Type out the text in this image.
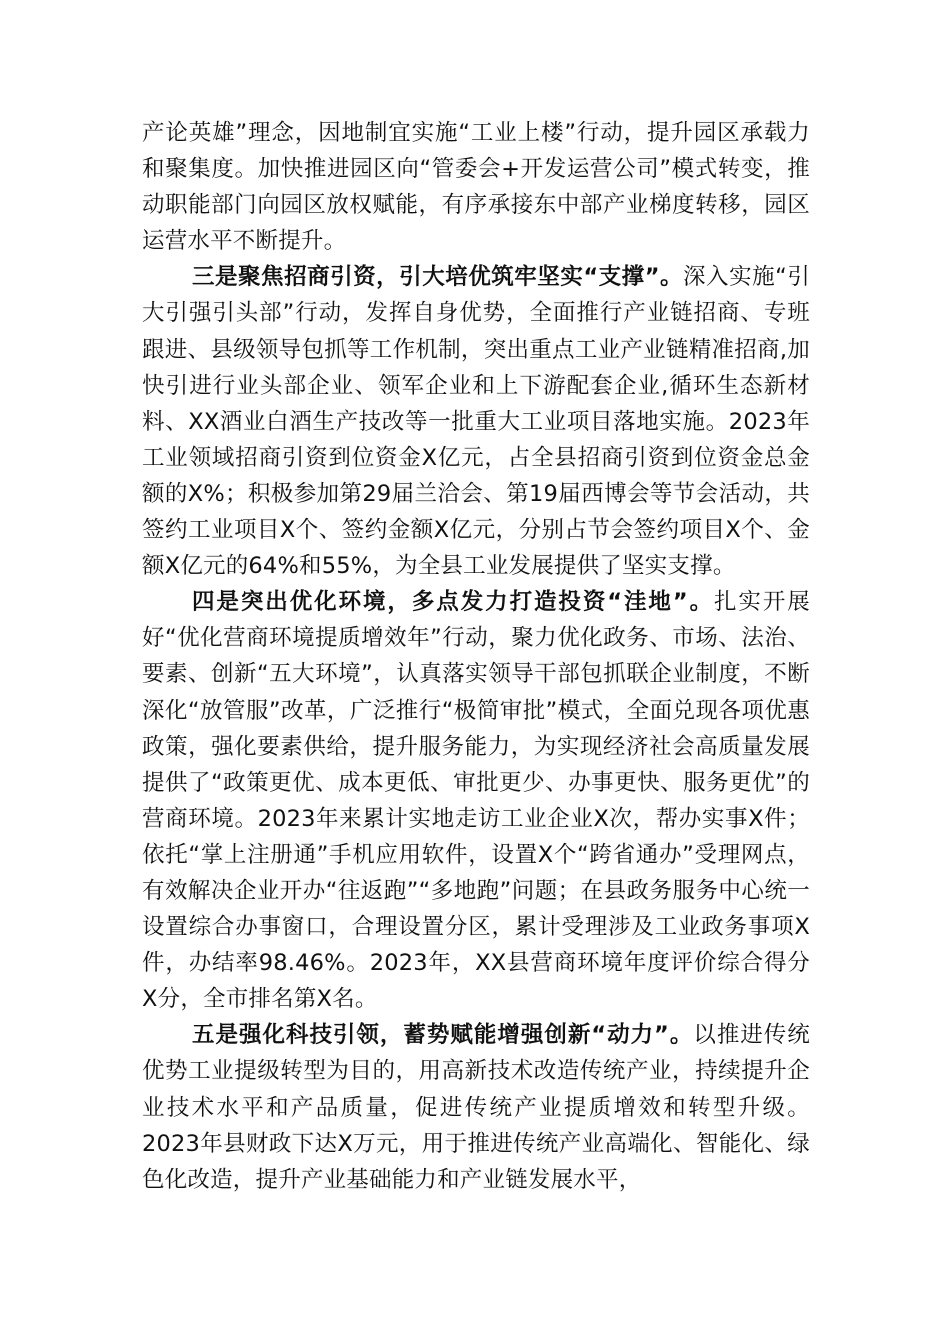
产论英雄”理念，因地制宜实施“工业上楼”行动，提升园区承载力和聚集度。加快推进园区向“管委会+开发运营公司”模式转变，推动职能部门向园区放权赋能，有序承接东中部产业梯度转移，园区运营水平不断提升。

三是聚焦招商引资，引大培优筑牢坚实“支撑”。深入实施“引大引强引头部”行动，发挥自身优势，全面推行产业链招商、专班跟进、县级领导包抓等工作机制，突出重点工业产业链精准招商,加快引进行业头部企业、领军企业和上下游配套企业,循环生态新材料、XX酒业白酒生产技改等一批重大工业项目落地实施。2023年工业领域招商引资到位资金X亿元，占全县招商引资到位资金总金额的X%；积极参加第29届兰洽会、第19届西博会等节会活动，共签约工业项目X个、签约金额X亿元，分别占节会签约项目X个、金额X亿元的64%和55%，为全县工业发展提供了坚实支撑。

四是突出优化环境，多点发力打造投资“洼地”。扎实开展好“优化营商环境提质增效年”行动，聚力优化政务、市场、法治、要素、创新“五大环境”，认真落实领导干部包抓联企业制度，不断深化“放管服”改革，广泛推行“极简审批”模式，全面兑现各项优惠政策，强化要素供给，提升服务能力，为实现经济社会高质量发展提供了“政策更优、成本更低、审批更少、办事更快、服务更优”的营商环境。2023年来累计实地走访工业企业X次，帮办实事X件；依托“掌上注册通”手机应用软件，设置X个“跨省通办”受理网点，有效解决企业开办“往返跑”“多地跑”问题；在县政务服务中心统一设置综合办事窗口，合理设置分区，累计受理涉及工业政务事项X件，办结率98.46%。2023年，XX县营商环境年度评价综合得分X分，全市排名第X名。

五是强化科技引领，蓄势赋能增强创新“动力”。以推进传统优势工业提级转型为目的，用高新技术改造传统产业，持续提升企业技术水平和产品质量，促进传统产业提质增效和转型升级。2023年县财政下达X万元，用于推进传统产业高端化、智能化、绿色化改造，提升产业基础能力和产业链发展水平，
